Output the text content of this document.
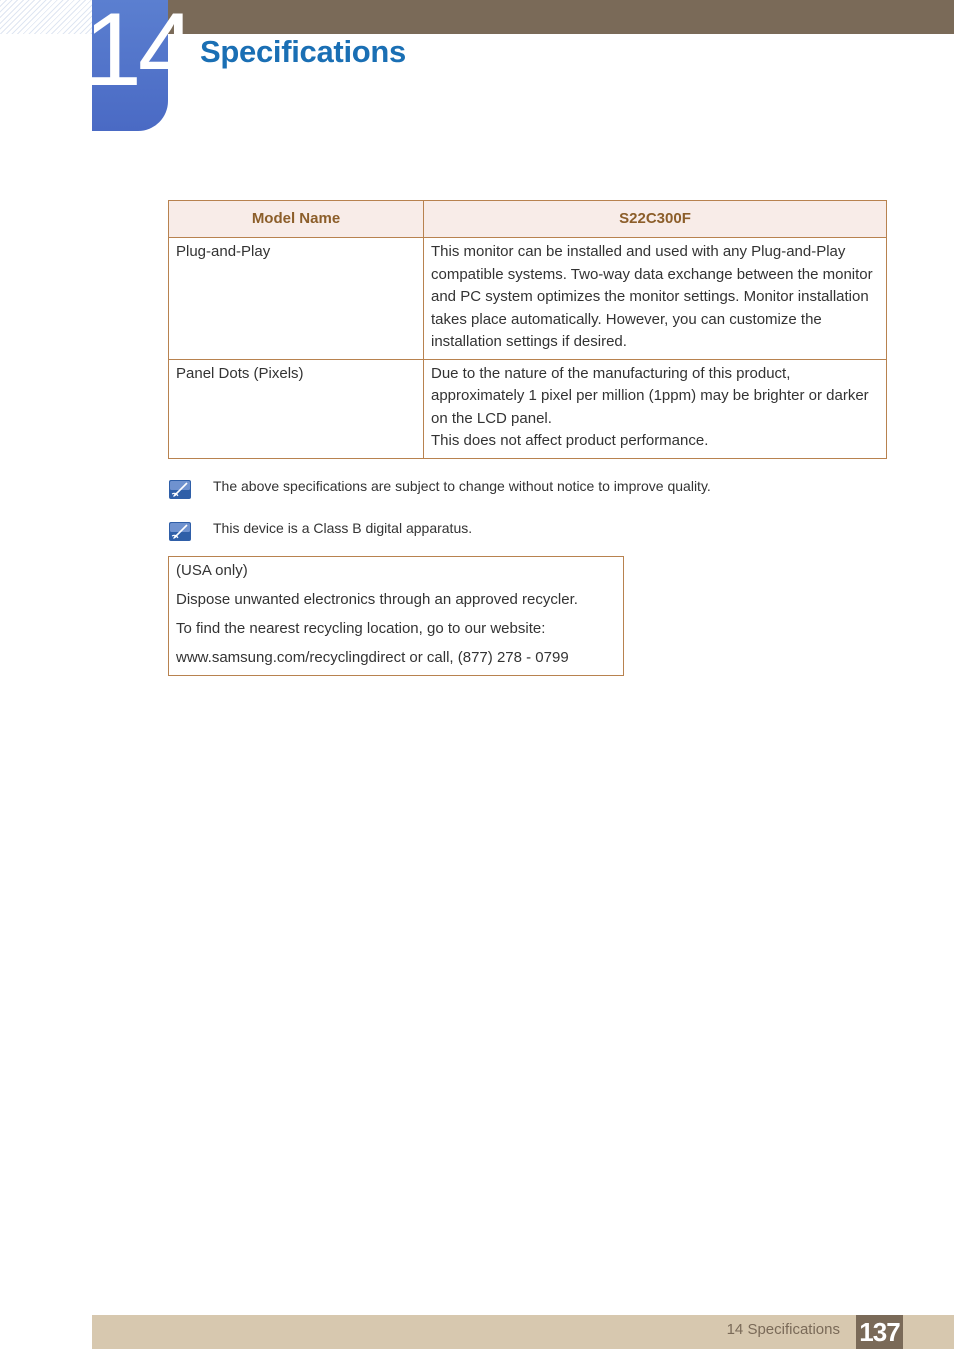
14 Specifications
Model Name	S22C300F
Plug-and-Play	This monitor can be installed and used with any Plug-and-Play
compatible systems. Two-way data exchange between the monitor
and PC system optimizes the monitor settings. Monitor installation
takes place automatically. However, you can customize the
installation settings if desired.

Panel Dots (Pixels)	Due to the nature of the manufacturing of this product,
approximately 1 pixel per million (1ppm) may be brighter or darker
on the LCD panel.
This does not affect product performance.
The above specifications are subject to change without notice to improve quality.
This device is a Class B digital apparatus.
(USA only)
Dispose unwanted electronics through an approved recycler.
To find the nearest recycling location, go to our website:
www.samsung.com/recyclingdirect or call, (877) 278 - 0799
14 Specifications 137
